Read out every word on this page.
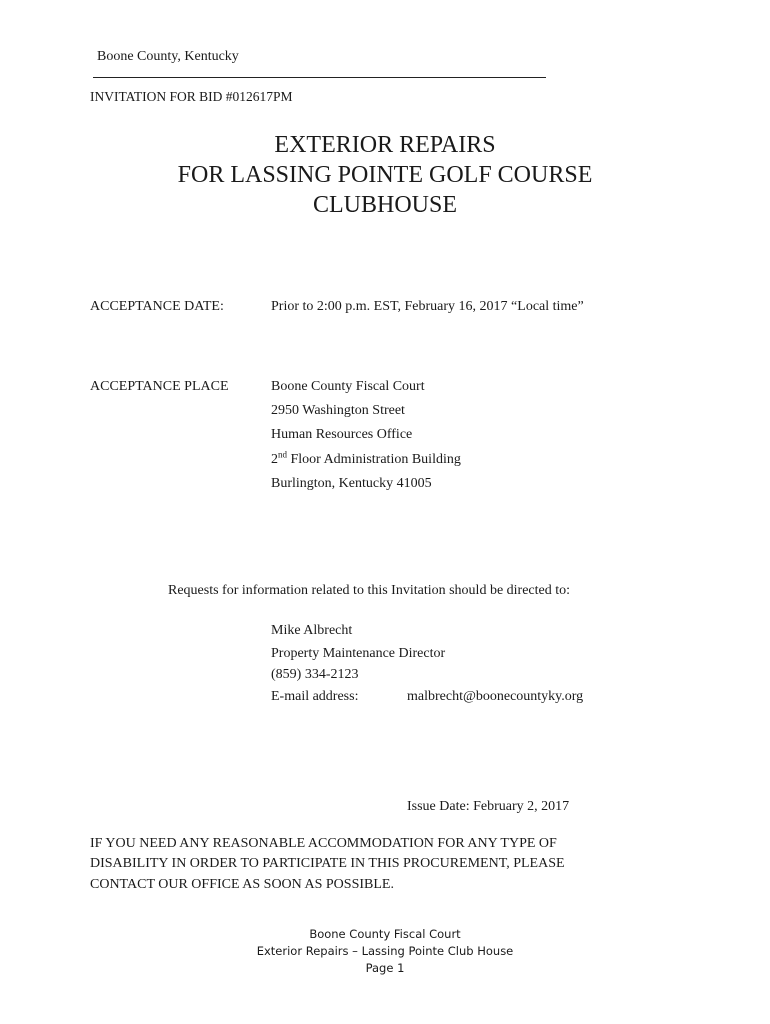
Boone County, Kentucky
INVITATION FOR BID #012617PM
EXTERIOR REPAIRS
FOR LASSING POINTE GOLF COURSE
CLUBHOUSE
ACCEPTANCE DATE:	Prior to 2:00 p.m. EST, February 16, 2017 “Local time”
ACCEPTANCE PLACE	Boone County Fiscal Court
2950 Washington Street
Human Resources Office
2nd Floor Administration Building
Burlington, Kentucky 41005
Requests for information related to this Invitation should be directed to:
Mike Albrecht
Property Maintenance Director
(859) 334-2123
E-mail address:	malbrecht@boonecountyky.org
Issue Date: February 2, 2017
IF YOU NEED ANY REASONABLE ACCOMMODATION FOR ANY TYPE OF
DISABILITY IN ORDER TO PARTICIPATE IN THIS PROCUREMENT, PLEASE
CONTACT OUR OFFICE AS SOON AS POSSIBLE.
Boone County Fiscal Court
Exterior Repairs – Lassing Pointe Club House
Page 1
